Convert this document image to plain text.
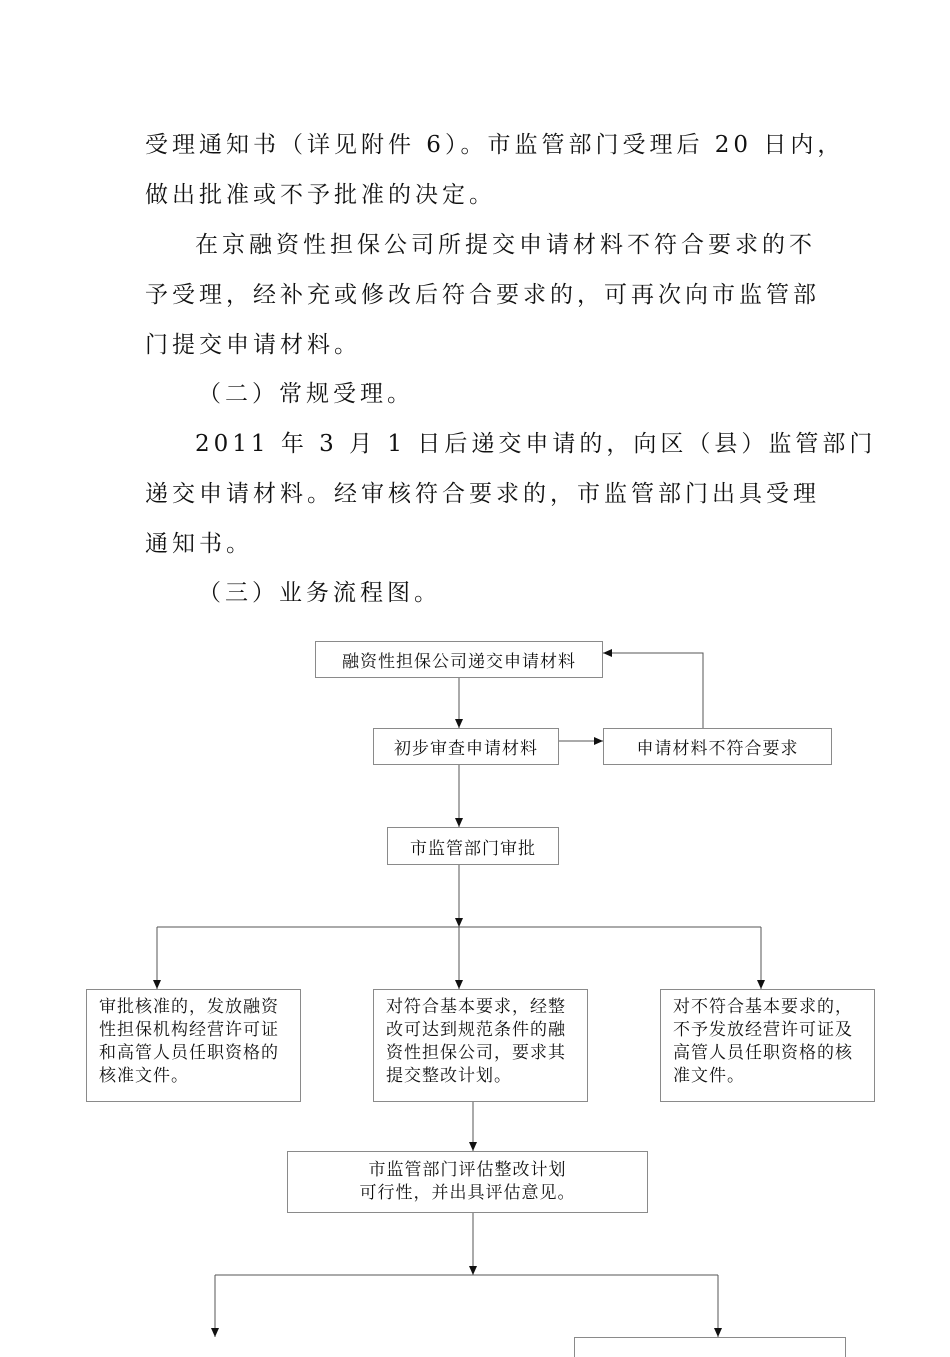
受理通知书（详见附件 6）。市监管部门受理后 20 日内，

做出批准或不予批准的决定。

在京融资性担保公司所提交申请材料不符合要求的不

予受理，经补充或修改后符合要求的，可再次向市监管部

门提交申请材料。

（二）常规受理。

2011 年 3 月 1 日后递交申请的，向区（县）监管部门

递交申请材料。经审核符合要求的，市监管部门出具受理

通知书。

（三）业务流程图。

融资性担保公司递交申请材料
初步审查申请材料	申请材料不符合要求
市监管部门审批
审批核准的，发放融资
性担保机构经营许可证
和高管人员任职资格的
核准文件。
对符合基本要求，经整
改可达到规范条件的融
资性担保公司，要求其
提交整改计划。
对不符合基本要求的，
不予发放经营许可证及
高管人员任职资格的核
准文件。
市监管部门评估整改计划
可行性，并出具评估意见。
